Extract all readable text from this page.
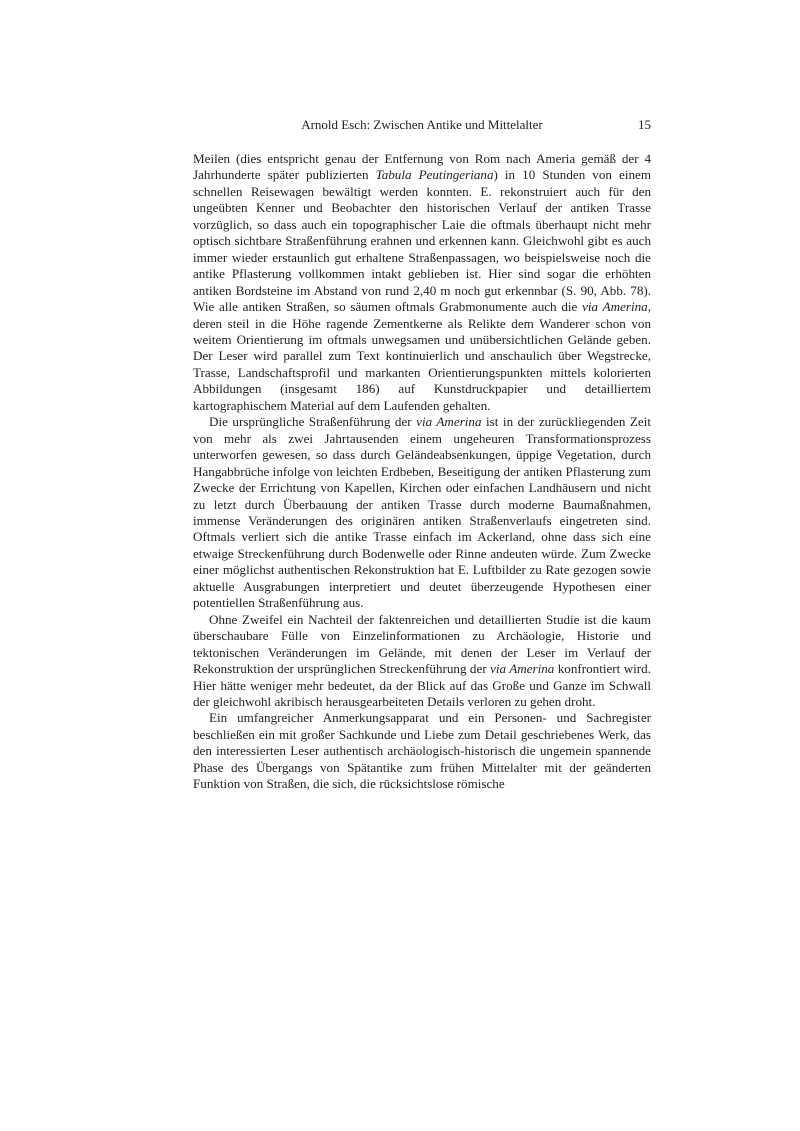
Arnold Esch: Zwischen Antike und Mittelalter	15

Meilen (dies entspricht genau der Entfernung von Rom nach Ameria gemäß der 4 Jahrhunderte später publizierten Tabula Peutingeriana) in 10 Stunden von einem schnellen Reisewagen bewältigt werden konnten. E. rekonstruiert auch für den ungeübten Kenner und Beobachter den historischen Verlauf der antiken Trasse vorzüglich, so dass auch ein topographischer Laie die oftmals überhaupt nicht mehr optisch sichtbare Straßenführung erahnen und erkennen kann. Gleichwohl gibt es auch immer wieder erstaunlich gut erhaltene Straßenpassagen, wo beispielsweise noch die antike Pflasterung vollkommen intakt geblieben ist. Hier sind sogar die erhöhten antiken Bordsteine im Abstand von rund 2,40 m noch gut erkennbar (S. 90, Abb. 78). Wie alle antiken Straßen, so säumen oftmals Grabmonumente auch die via Amerina, deren steil in die Höhe ragende Zementkerne als Relikte dem Wanderer schon von weitem Orientierung im oftmals unwegsamen und unübersichtlichen Gelände geben. Der Leser wird parallel zum Text kontinuierlich und anschaulich über Wegstrecke, Trasse, Landschaftsprofil und markanten Orientierungspunkten mittels kolorierten Abbildungen (insgesamt 186) auf Kunstdruckpapier und detailliertem kartographischem Material auf dem Laufenden gehalten.

Die ursprüngliche Straßenführung der via Amerina ist in der zurückliegenden Zeit von mehr als zwei Jahrtausenden einem ungeheuren Transformationsprozess unterworfen gewesen, so dass durch Geländeabsenkungen, üppige Vegetation, durch Hangabbrüche infolge von leichten Erdbeben, Beseitigung der antiken Pflasterung zum Zwecke der Errichtung von Kapellen, Kirchen oder einfachen Landhäusern und nicht zu letzt durch Überbauung der antiken Trasse durch moderne Baumaßnahmen, immense Veränderungen des originären antiken Straßenverlaufs eingetreten sind. Oftmals verliert sich die antike Trasse einfach im Ackerland, ohne dass sich eine etwaige Streckenführung durch Bodenwelle oder Rinne andeuten würde. Zum Zwecke einer möglichst authentischen Rekonstruktion hat E. Luftbilder zu Rate gezogen sowie aktuelle Ausgrabungen interpretiert und deutet überzeugende Hypothesen einer potentiellen Straßenführung aus.

Ohne Zweifel ein Nachteil der faktenreichen und detaillierten Studie ist die kaum überschaubare Fülle von Einzelinformationen zu Archäologie, Historie und tektonischen Veränderungen im Gelände, mit denen der Leser im Verlauf der Rekonstruktion der ursprünglichen Streckenführung der via Amerina konfrontiert wird. Hier hätte weniger mehr bedeutet, da der Blick auf das Große und Ganze im Schwall der gleichwohl akribisch herausgearbeiteten Details verloren zu gehen droht.

Ein umfangreicher Anmerkungsapparat und ein Personen- und Sachregister beschließen ein mit großer Sachkunde und Liebe zum Detail geschriebenes Werk, das den interessierten Leser authentisch archäologisch-historisch die ungemein spannende Phase des Übergangs von Spätantike zum frühen Mittelalter mit der geänderten Funktion von Straßen, die sich, die rücksichtslose römische
